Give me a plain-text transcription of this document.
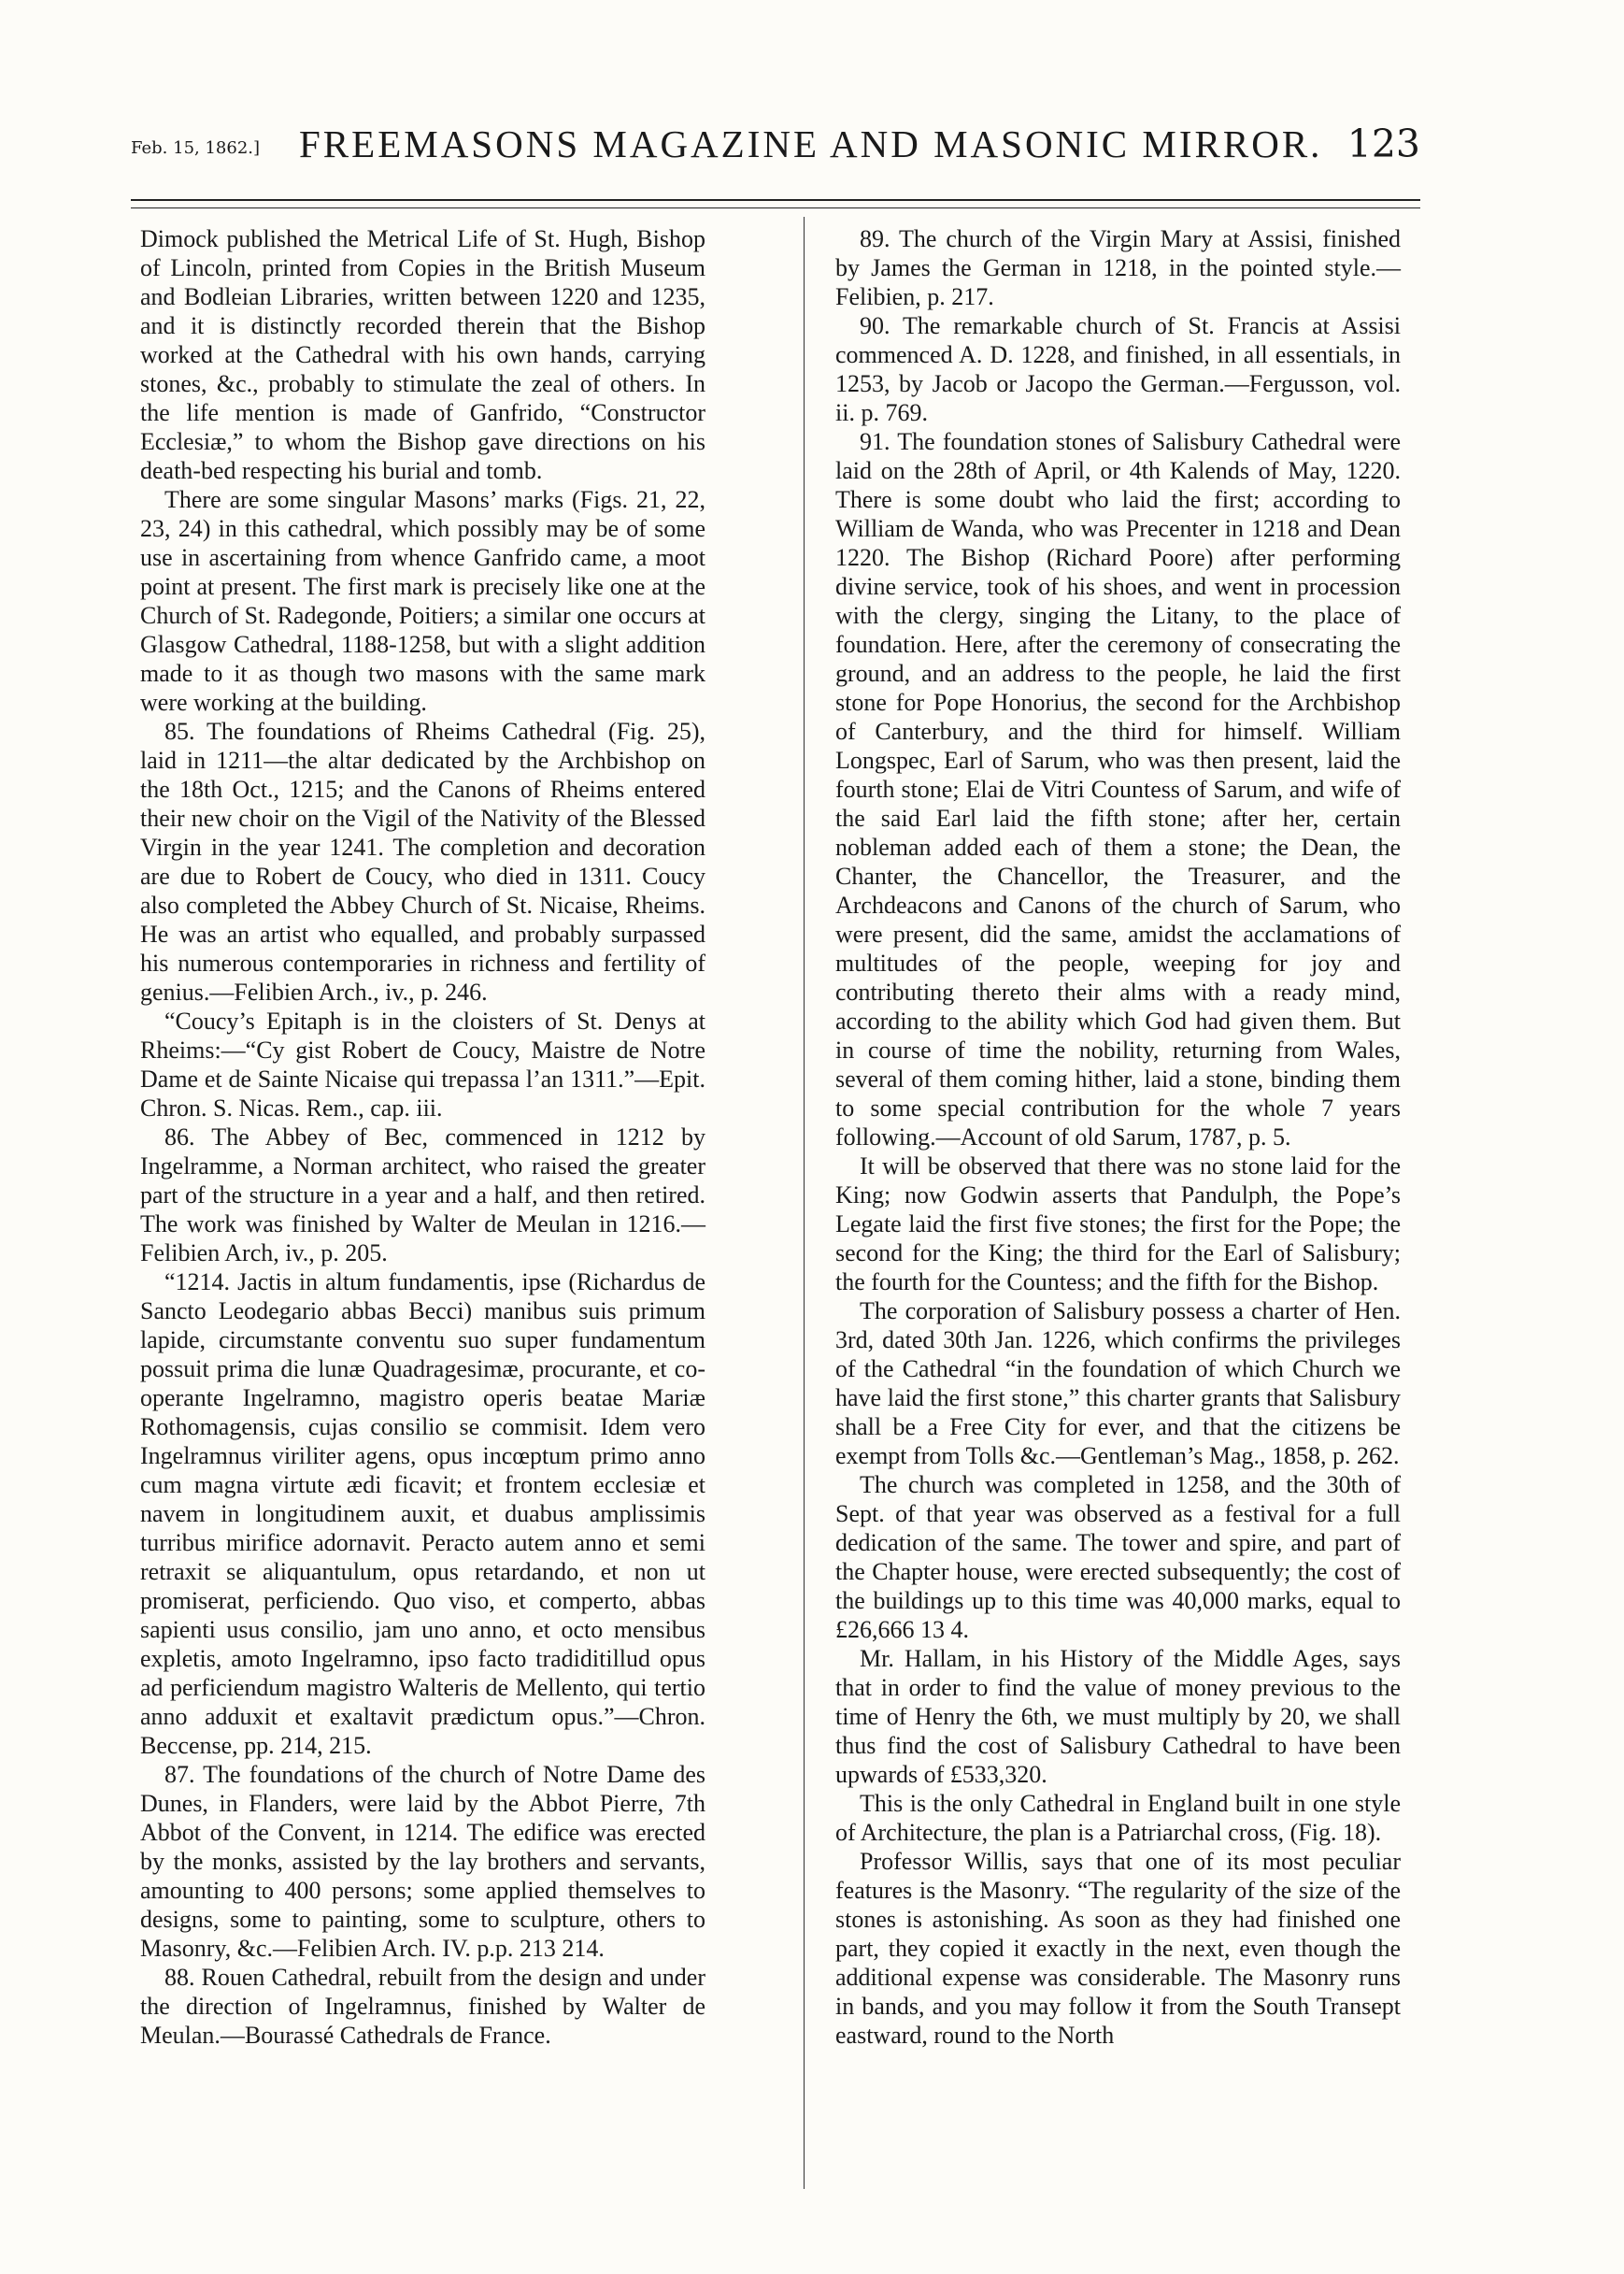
Feb. 15, 1862.] FREEMASONS MAGAZINE AND MASONIC MIRROR. 123

Dimock published the Metrical Life of St. Hugh, Bishop of Lincoln, printed from Copies in the British Museum and Bodleian Libraries, written between 1220 and 1235, and it is distinctly recorded therein that the Bishop worked at the Cathedral with his own hands, carrying stones, &c., probably to stimulate the zeal of others. In the life mention is made of Ganfrido, “Constructor Ecclesiæ,” to whom the Bishop gave directions on his death-bed respecting his burial and tomb.

There are some singular Masons’ marks (Figs. 21, 22, 23, 24) in this cathedral, which possibly may be of some use in ascertaining from whence Ganfrido came, a moot point at present. The first mark is precisely like one at the Church of St. Radegonde, Poitiers; a similar one occurs at Glasgow Cathedral, 1188-1258, but with a slight addition made to it as though two masons with the same mark were working at the building.

85. The foundations of Rheims Cathedral (Fig. 25), laid in 1211—the altar dedicated by the Archbishop on the 18th Oct., 1215; and the Canons of Rheims entered their new choir on the Vigil of the Nativity of the Blessed Virgin in the year 1241. The completion and decoration are due to Robert de Coucy, who died in 1311. Coucy also completed the Abbey Church of St. Nicaise, Rheims. He was an artist who equalled, and probably surpassed his numerous contemporaries in richness and fertility of genius.—Felibien Arch., iv., p. 246.

“Coucy’s Epitaph is in the cloisters of St. Denys at Rheims:—“Cy gist Robert de Coucy, Maistre de Notre Dame et de Sainte Nicaise qui trepassa l’an 1311.”—Epit. Chron. S. Nicas. Rem., cap. iii.

86. The Abbey of Bec, commenced in 1212 by Ingelramme, a Norman architect, who raised the greater part of the structure in a year and a half, and then retired. The work was finished by Walter de Meulan in 1216.—Felibien Arch, iv., p. 205.

“1214. Jactis in altum fundamentis, ipse (Richardus de Sancto Leodegario abbas Becci) manibus suis primum lapide, circumstante conventu suo super fundamentum possuit prima die lunæ Quadragesimæ, procurante, et co-operante Ingelramno, magistro operis beatae Mariæ Rothomagensis, cujas consilio se commisit. Idem vero Ingelramnus viriliter agens, opus incœptum primo anno cum magna virtute ædi ficavit; et frontem ecclesiæ et navem in longitudinem auxit, et duabus amplissimis turribus mirifice adornavit. Peracto autem anno et semi retraxit se aliquantulum, opus retardando, et non ut promiserat, perficiendo. Quo viso, et comperto, abbas sapienti usus consilio, jam uno anno, et octo mensibus expletis, amoto Ingelramno, ipso facto tradiditillud opus ad perficiendum magistro Walteris de Mellento, qui tertio anno adduxit et exaltavit prædictum opus.”—Chron. Beccense, pp. 214, 215.

87. The foundations of the church of Notre Dame des Dunes, in Flanders, were laid by the Abbot Pierre, 7th Abbot of the Convent, in 1214. The edifice was erected by the monks, assisted by the lay brothers and servants, amounting to 400 persons; some applied themselves to designs, some to painting, some to sculpture, others to Masonry, &c.—Felibien Arch. IV. p.p. 213 214.

88. Rouen Cathedral, rebuilt from the design and under the direction of Ingelramnus, finished by Walter de Meulan.—Bourassé Cathedrals de France.

89. The church of the Virgin Mary at Assisi, finished by James the German in 1218, in the pointed style.—Felibien, p. 217.

90. The remarkable church of St. Francis at Assisi commenced A. D. 1228, and finished, in all essentials, in 1253, by Jacob or Jacopo the German.—Fergusson, vol. ii. p. 769.

91. The foundation stones of Salisbury Cathedral were laid on the 28th of April, or 4th Kalends of May, 1220. There is some doubt who laid the first; according to William de Wanda, who was Precenter in 1218 and Dean 1220. The Bishop (Richard Poore) after performing divine service, took of his shoes, and went in procession with the clergy, singing the Litany, to the place of foundation. Here, after the ceremony of consecrating the ground, and an address to the people, he laid the first stone for Pope Honorius, the second for the Archbishop of Canterbury, and the third for himself. William Longspec, Earl of Sarum, who was then present, laid the fourth stone; Elai de Vitri Countess of Sarum, and wife of the said Earl laid the fifth stone; after her, certain nobleman added each of them a stone; the Dean, the Chanter, the Chancellor, the Treasurer, and the Archdeacons and Canons of the church of Sarum, who were present, did the same, amidst the acclamations of multitudes of the people, weeping for joy and contributing thereto their alms with a ready mind, according to the ability which God had given them. But in course of time the nobility, returning from Wales, several of them coming hither, laid a stone, binding them to some special contribution for the whole 7 years following.—Account of old Sarum, 1787, p. 5.

It will be observed that there was no stone laid for the King; now Godwin asserts that Pandulph, the Pope’s Legate laid the first five stones; the first for the Pope; the second for the King; the third for the Earl of Salisbury; the fourth for the Countess; and the fifth for the Bishop.

The corporation of Salisbury possess a charter of Hen. 3rd, dated 30th Jan. 1226, which confirms the privileges of the Cathedral “in the foundation of which Church we have laid the first stone,” this charter grants that Salisbury shall be a Free City for ever, and that the citizens be exempt from Tolls &c.—Gentleman’s Mag., 1858, p. 262.

The church was completed in 1258, and the 30th of Sept. of that year was observed as a festival for a full dedication of the same. The tower and spire, and part of the Chapter house, were erected subsequently; the cost of the buildings up to this time was 40,000 marks, equal to £26,666 13 4.

Mr. Hallam, in his History of the Middle Ages, says that in order to find the value of money previous to the time of Henry the 6th, we must multiply by 20, we shall thus find the cost of Salisbury Cathedral to have been upwards of £533,320.

This is the only Cathedral in England built in one style of Architecture, the plan is a Patriarchal cross, (Fig. 18).

Professor Willis, says that one of its most peculiar features is the Masonry. “The regularity of the size of the stones is astonishing. As soon as they had finished one part, they copied it exactly in the next, even though the additional expense was considerable. The Masonry runs in bands, and you may follow it from the South Transept eastward, round to the North
